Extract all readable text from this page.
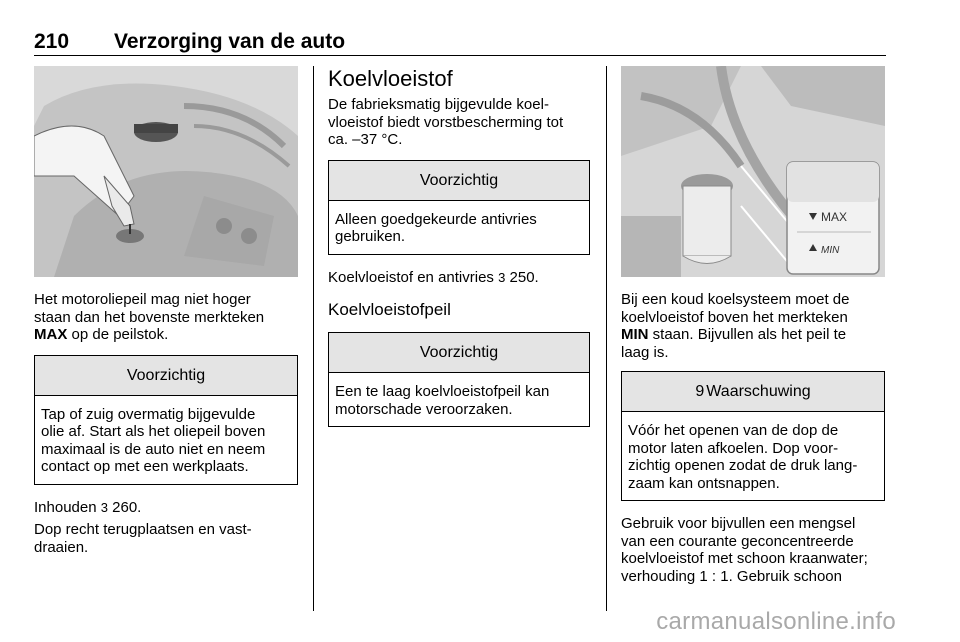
210 Verzorging van de auto

Het motoroliepeil mag niet hoger
staan dan het bovenste merkteken
MAX op de peilstok.

Voorzichtig
Tap of zuig overmatig bijgevulde
olie af. Start als het oliepeil boven
maximaal is de auto niet en neem
contact op met een werkplaats.

Inhouden 3 260.

Dop recht terugplaatsen en vast-
draaien.

Koelvloeistof

De fabrieksmatig bijgevulde koel-
vloeistof biedt vorstbescherming tot
ca. –37 °C.

Voorzichtig
Alleen goedgekeurde antivries
gebruiken.

Koelvloeistof en antivries 3 250.

Koelvloeistofpeil
Voorzichtig
Een te laag koelvloeistofpeil kan
motorschade veroorzaken.
MAX
MIN

Bij een koud koelsysteem moet de
koelvloeistof boven het merkteken
MIN staan. Bijvullen als het peil te
laag is.

9 Waarschuwing
Vóór het openen van de dop de
motor laten afkoelen. Dop voor-
zichtig openen zodat de druk lang-
zaam kan ontsnappen.

Gebruik voor bijvullen een mengsel
van een courante geconcentreerde
koelvloeistof met schoon kraanwater;
verhouding 1 : 1. Gebruik schoon

carmanualsonline.info
